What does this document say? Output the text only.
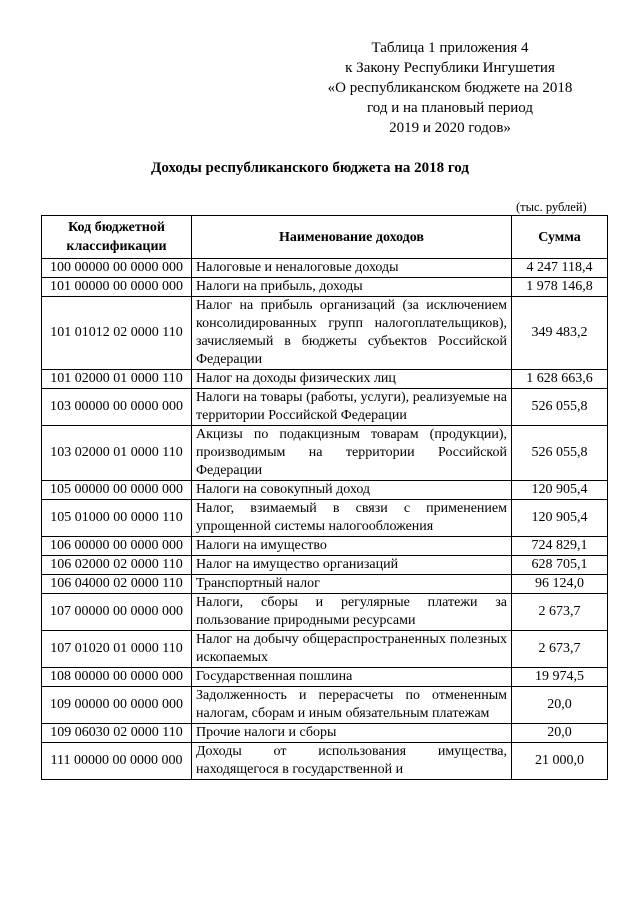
Таблица 1 приложения 4
к Закону Республики Ингушетия
«О республиканском бюджете на 2018
год и на плановый период
2019 и 2020 годов»
Доходы республиканского бюджета на 2018 год
(тыс. рублей)
Код бюджетной классификации	Наименование доходов	Сумма
100 00000 00 0000 000	Налоговые и неналоговые доходы	4 247 118,4
101 00000 00 0000 000	Налоги на прибыль, доходы	1 978 146,8
101 01012 02 0000 110	Налог на прибыль организаций (за исключением консолидированных групп налогоплательщиков), зачисляемый в бюджеты субъектов Российской Федерации	349 483,2
101 02000 01 0000 110	Налог на доходы физических лиц	1 628 663,6
103 00000 00 0000 000	Налоги на товары (работы, услуги), реализуемые на территории Российской Федерации	526 055,8
103 02000 01 0000 110	Акцизы по подакцизным товарам (продукции), производимым на территории Российской Федерации	526 055,8
105 00000 00 0000 000	Налоги на совокупный доход	120 905,4
105 01000 00 0000 110	Налог, взимаемый в связи с применением упрощенной системы налогообложения	120 905,4
106 00000 00 0000 000	Налоги на имущество	724 829,1
106 02000 02 0000 110	Налог на имущество организаций	628 705,1
106 04000 02 0000 110	Транспортный налог	96 124,0
107 00000 00 0000 000	Налоги, сборы и регулярные платежи за пользование природными ресурсами	2 673,7
107 01020 01 0000 110	Налог на добычу общераспространенных полезных ископаемых	2 673,7
108 00000 00 0000 000	Государственная пошлина	19 974,5
109 00000 00 0000 000	Задолженность и перерасчеты по отмененным налогам, сборам и иным обязательным платежам	20,0
109 06030 02 0000 110	Прочие налоги и сборы	20,0
111 00000 00 0000 000	Доходы от использования имущества, находящегося в государственной и	21 000,0
